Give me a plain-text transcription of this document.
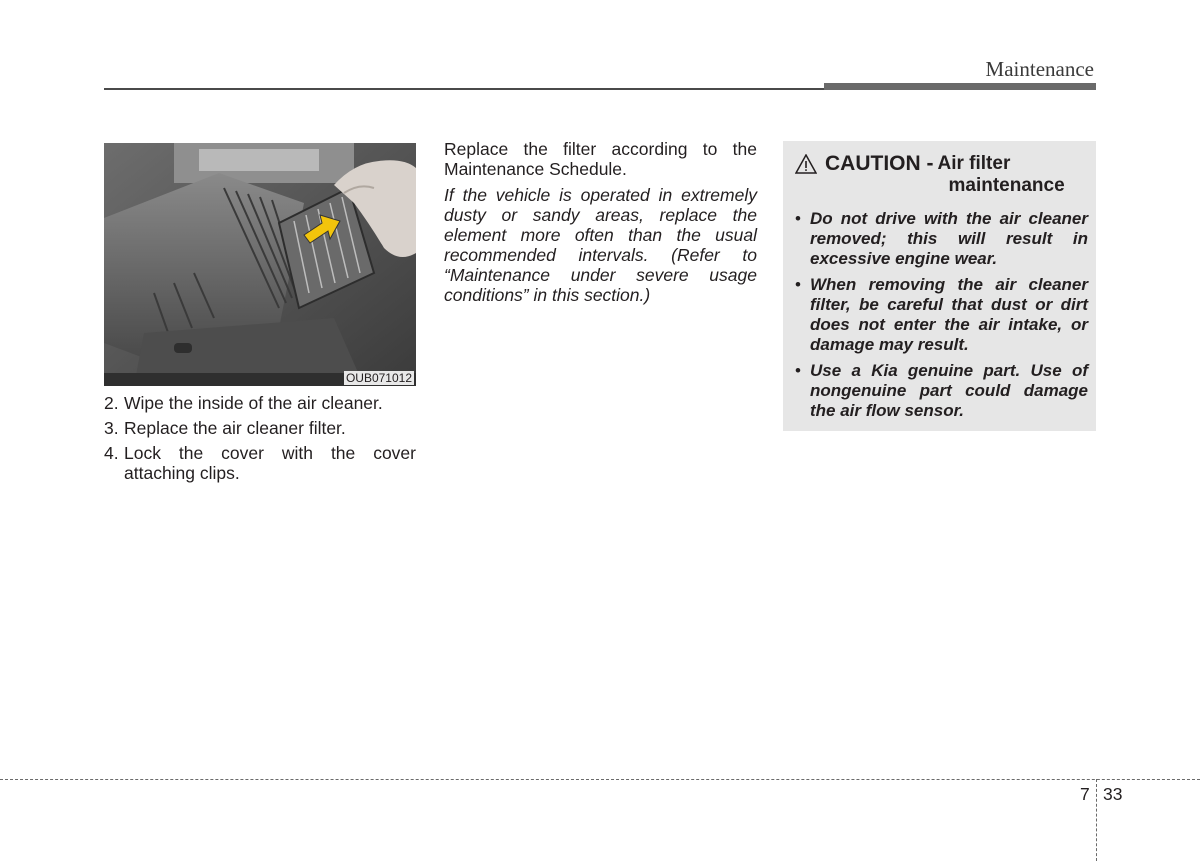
Maintenance
OUB071012
2. Wipe the inside of the air cleaner.
3. Replace the air cleaner filter.
4. Lock the cover with the cover attaching clips.

Replace the filter according to the Maintenance Schedule.

If the vehicle is operated in extremely dusty or sandy areas, replace the element more often than the usual recommended intervals. (Refer to “Maintenance under severe usage conditions” in this section.)

CAUTION - Air filter
maintenance
• Do not drive with the air cleaner removed; this will result in excessive engine wear.
• When removing the air cleaner filter, be careful that dust or dirt does not enter the air intake, or damage may result.
• Use a Kia genuine part. Use of nongenuine part could damage the air flow sensor.
7 33
